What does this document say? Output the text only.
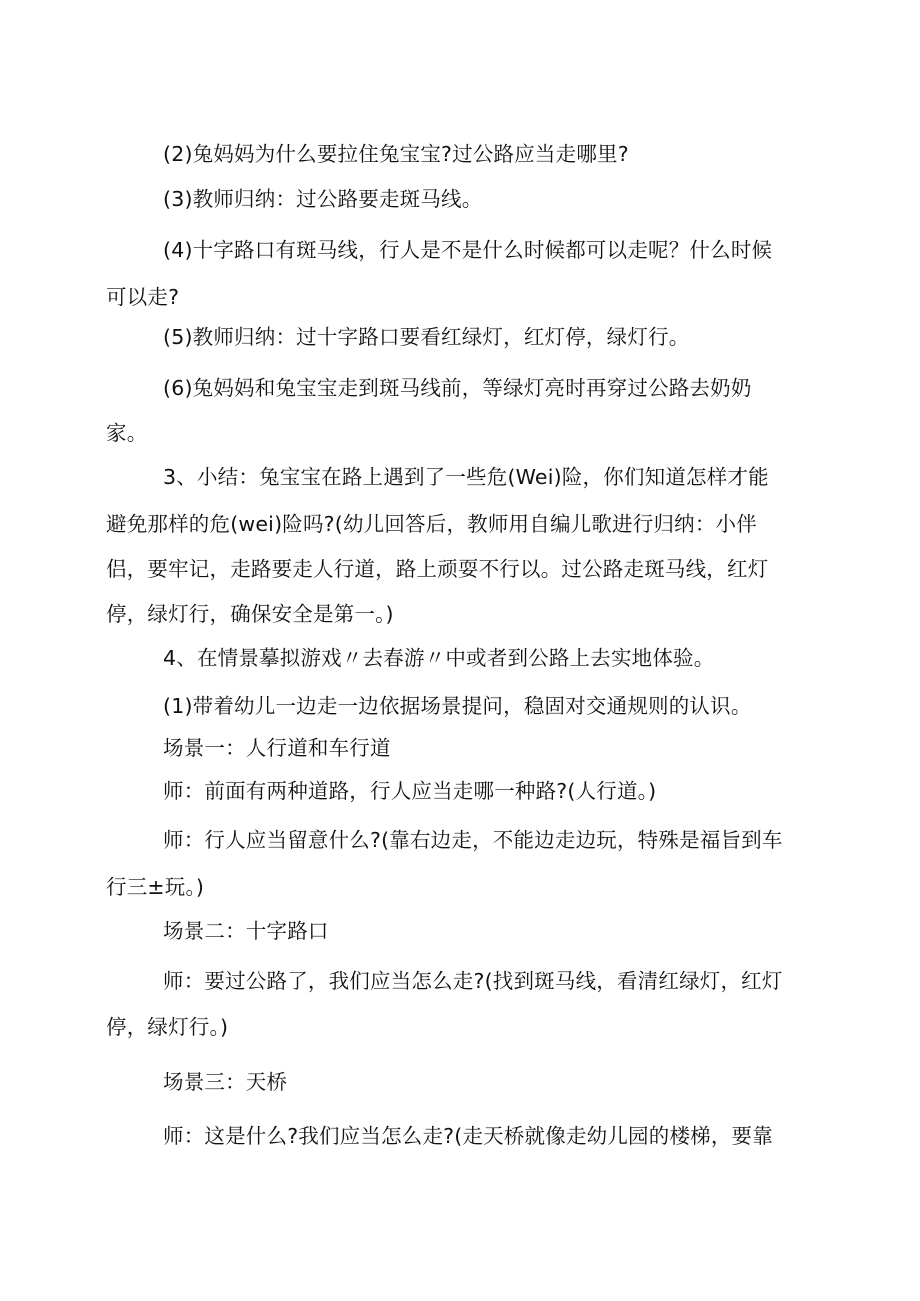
(2)兔妈妈为什么要拉住兔宝宝?过公路应当走哪里?

(3)教师归纳：过公路要走斑马线。

(4)十字路口有斑马线，行人是不是什么时候都可以走呢？什么时候

可以走?

(5)教师归纳：过十字路口要看红绿灯，红灯停，绿灯行。

(6)兔妈妈和兔宝宝走到斑马线前，等绿灯亮时再穿过公路去奶奶

家。

3、小结：兔宝宝在路上遇到了一些危(Wei)险，你们知道怎样才能

避免那样的危(wei)险吗?(幼儿回答后，教师用自编儿歌进行归纳：小伴

侣，要牢记，走路要走人行道，路上顽耍不行以。过公路走斑马线，红灯

停，绿灯行，确保安全是第一。)

4、在情景摹拟游戏〃去春游〃中或者到公路上去实地体验。

(1)带着幼儿一边走一边依据场景提问，稳固对交通规则的认识。

场景一：人行道和车行道

师：前面有两种道路，行人应当走哪一种路?(人行道。)

师：行人应当留意什么?(靠右边走，不能边走边玩，特殊是福旨到车

行三±玩。)

场景二：十字路口

师：要过公路了，我们应当怎么走?(找到斑马线，看清红绿灯，红灯

停，绿灯行。)

场景三：天桥

师：这是什么?我们应当怎么走?(走天桥就像走幼儿园的楼梯，要靠
